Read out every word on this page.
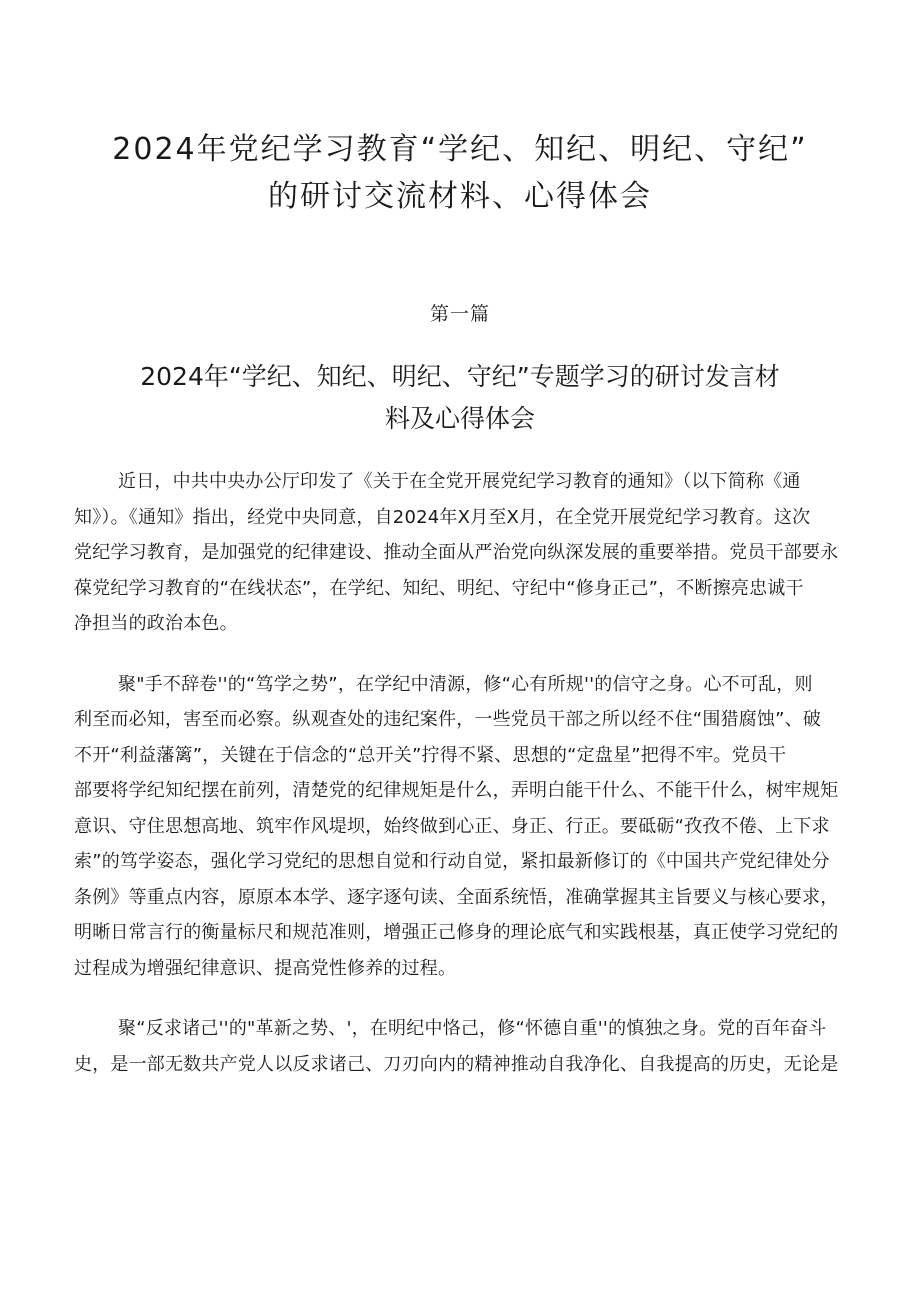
2024年党纪学习教育“学纪、知纪、明纪、守纪”
的研讨交流材料、心得体会
第一篇
2024年“学纪、知纪、明纪、守纪”专题学习的研讨发言材
料及心得体会

近日，中共中央办公厅印发了《关于在全党开展党纪学习教育的通知》（以下简称《通
知》）。《通知》指出，经党中央同意，自2024年X月至X月，在全党开展党纪学习教育。这次
党纪学习教育，是加强党的纪律建设、推动全面从严治党向纵深发展的重要举措。党员干部要永
葆党纪学习教育的“在线状态”，在学纪、知纪、明纪、守纪中“修身正己”，不断擦亮忠诚干
净担当的政治本色。

聚"手不辞卷''的“笃学之势”，在学纪中清源，修“心有所规''的信守之身。心不可乱，则
利至而必知，害至而必察。纵观查处的违纪案件，一些党员干部之所以经不住“围猎腐蚀”、破
不开“利益藩篱”，关键在于信念的“总开关”拧得不紧、思想的“定盘星”把得不牢。党员干
部要将学纪知纪摆在前列，清楚党的纪律规矩是什么，弄明白能干什么、不能干什么，树牢规矩
意识、守住思想高地、筑牢作风堤坝，始终做到心正、身正、行正。要砥砺“孜孜不倦、上下求
索”的笃学姿态，强化学习党纪的思想自觉和行动自觉，紧扣最新修订的《中国共产党纪律处分
条例》等重点内容，原原本本学、逐字逐句读、全面系统悟，准确掌握其主旨要义与核心要求，
明晰日常言行的衡量标尺和规范准则，增强正己修身的理论底气和实践根基，真正使学习党纪的
过程成为增强纪律意识、提高党性修养的过程。

聚“反求诸己''的"革新之势、'，在明纪中恪己，修“怀德自重''的慎独之身。党的百年奋斗
史，是一部无数共产党人以反求诸己、刀刃向内的精神推动自我净化、自我提高的历史，无论是
